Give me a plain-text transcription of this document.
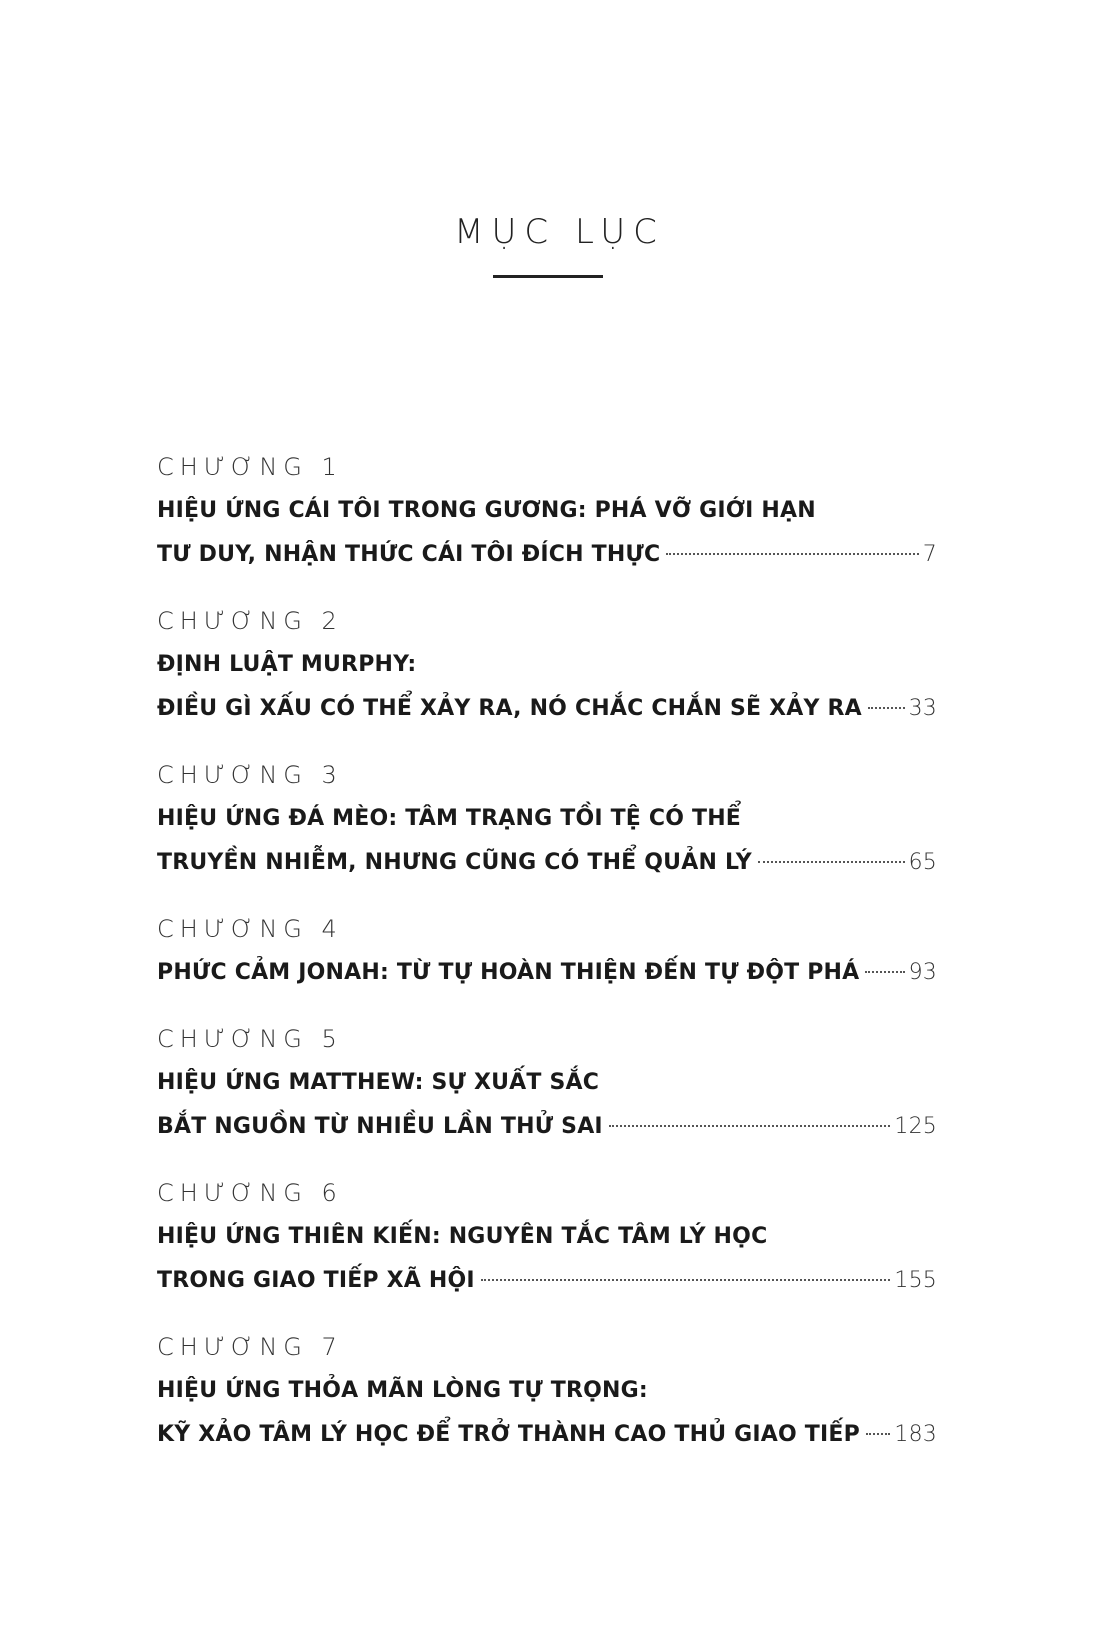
MỤC LỤC
CHƯƠNG 1
HIỆU ỨNG CÁI TÔI TRONG GƯƠNG: PHÁ VỠ GIỚI HẠN
TƯ DUY, NHẬN THỨC CÁI TÔI ĐÍCH THỰC	7
CHƯƠNG 2
ĐỊNH LUẬT MURPHY:
ĐIỀU GÌ XẤU CÓ THỂ XẢY RA, NÓ CHẮC CHẮN SẼ XẢY RA 33
CHƯƠNG 3
HIỆU ỨNG ĐÁ MÈO: TÂM TRẠNG TỒI TỆ CÓ THỂ
TRUYỀN NHIỄM, NHƯNG CŨNG CÓ THỂ QUẢN LÝ	65
CHƯƠNG 4
PHỨC CẢM JONAH: TỪ TỰ HOÀN THIỆN ĐẾN TỰ ĐỘT PHÁ 93
CHƯƠNG 5
HIỆU ỨNG MATTHEW: SỰ XUẤT SẮC
BẮT NGUỒN TỪ NHIỀU LẦN THỬ SAI	125
CHƯƠNG 6
HIỆU ỨNG THIÊN KIẾN: NGUYÊN TẮC TÂM LÝ HỌC
TRONG GIAO TIẾP XÃ HỘI	155
CHƯƠNG 7
HIỆU ỨNG THỎA MÃN LÒNG TỰ TRỌNG:
KỸ XẢO TÂM LÝ HỌC ĐỂ TRỞ THÀNH CAO THỦ GIAO TIẾP 183
